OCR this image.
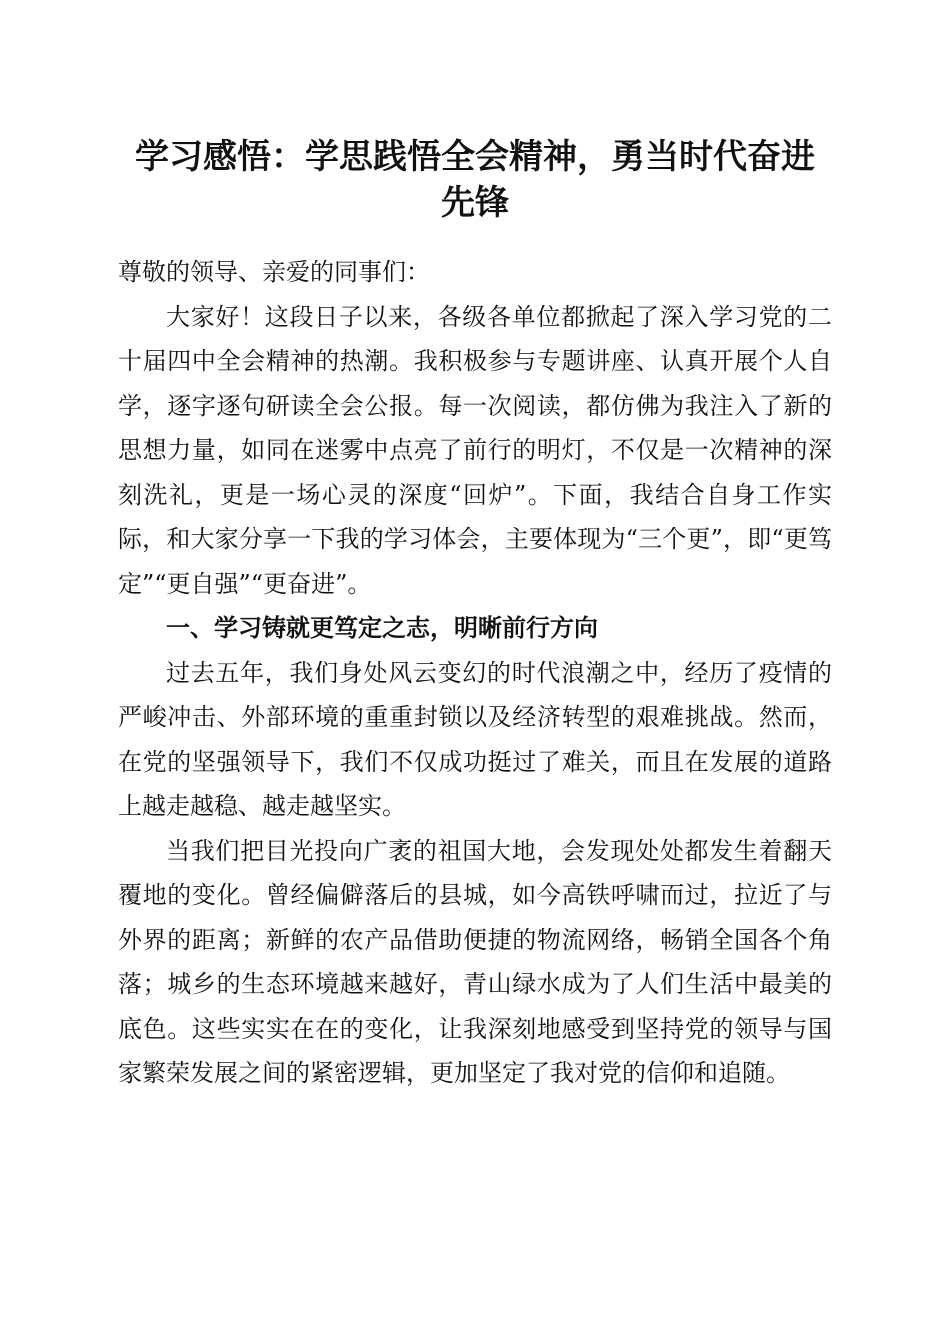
学习感悟：学思践悟全会精神，勇当时代奋进
先锋

尊敬的领导、亲爱的同事们：

大家好！这段日子以来，各级各单位都掀起了深入学习党的二十届四中全会精神的热潮。我积极参与专题讲座、认真开展个人自学，逐字逐句研读全会公报。每一次阅读，都仿佛为我注入了新的思想力量，如同在迷雾中点亮了前行的明灯，不仅是一次精神的深刻洗礼，更是一场心灵的深度“回炉”。下面，我结合自身工作实际，和大家分享一下我的学习体会，主要体现为“三个更”，即“更笃定”“更自强”“更奋进”。

一、学习铸就更笃定之志，明晰前行方向

过去五年，我们身处风云变幻的时代浪潮之中，经历了疫情的严峻冲击、外部环境的重重封锁以及经济转型的艰难挑战。然而，在党的坚强领导下，我们不仅成功挺过了难关，而且在发展的道路上越走越稳、越走越坚实。

当我们把目光投向广袤的祖国大地，会发现处处都发生着翻天覆地的变化。曾经偏僻落后的县城，如今高铁呼啸而过，拉近了与外界的距离；新鲜的农产品借助便捷的物流网络，畅销全国各个角落；城乡的生态环境越来越好，青山绿水成为了人们生活中最美的底色。这些实实在在的变化，让我深刻地感受到坚持党的领导与国家繁荣发展之间的紧密逻辑，更加坚定了我对党的信仰和追随。
